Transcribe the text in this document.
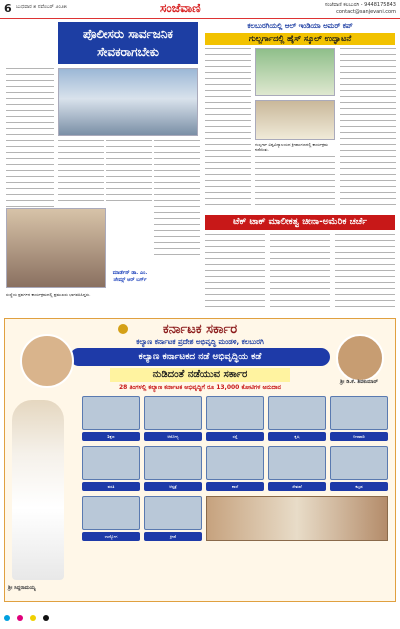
6 ಬುಧವಾರ ೫ ನವೆಂಬರ್ ೨೦೨೫	ಸಂಜೆವಾಣಿ	ಸಂಜೆವಾಣಿ ಕಲಬುರಗಿ - 9448175843
contact@sanjevani.com
ಪೊಲೀಸರು ಸಾರ್ವಜನಿಕ ಸೇವಕರಾಗಬೇಕು
ಮಾರ್ಡೆನ್ ಡಾ. ಎಂ. ಜೇಮ್ಸ್ ಆರ್ ಬರ್ಗ್
ಸಂಸ್ಥೆಯ ಪ್ರವರ್ಗದ ಕಾರ್ಯಕ್ರಮದಲ್ಲಿ ಪ್ರಮುಖರು ಭಾಗವಹಿಸಿದ್ದರು.
ಕಲಬುರಗಿಯಲ್ಲಿ ಆಲ್ ಇಂಡಿಯಾ ಅಮರ್ ಕಪ್
ಗುಲ್ಬರ್ಗಾದಲ್ಲಿ ಹೈಸ್ ಸ್ಕೂಲ್ ಉದ್ಘಾಟನೆ
ಗುಲ್ಬರ್ಗಾ ವಿಶ್ವವಿದ್ಯಾಲಯದ ಕ್ರೀಡಾಂಗಣದಲ್ಲಿ ಕಾರ್ಯಕ್ರಮ ನಡೆಯಿತು.
ಟೆಕ್ ಟಾಕ್ ಮಾಲೀಕತ್ವ ಚೀನಾ-ಅಮೆರಿಕ ಚರ್ಚೆ
ಕರ್ನಾಟಕ ಸರ್ಕಾರ
ಕಲ್ಯಾಣ ಕರ್ನಾಟಕ ಪ್ರದೇಶ ಅಭಿವೃದ್ಧಿ ಮಂಡಳಿ, ಕಲಬುರಗಿ
ಕಲ್ಯಾಣ ಕರ್ನಾಟಕದ ನಡೆ ಅಭಿವೃದ್ಧಿಯ ಕಡೆ
ನುಡಿದಂತೆ ನಡೆಯುವ ಸರ್ಕಾರ
28 ತಿಂಗಳಲ್ಲಿ ಕಲ್ಯಾಣ ಕರ್ನಾಟಕ ಅಭಿವೃದ್ಧಿಗೆ ರೂ 13,000 ಕೋಟಿಗಳ ಅನುದಾನ
ಶ್ರೀ ಸಿದ್ದರಾಮಯ್ಯ
ಶ್ರೀ ಡಿ.ಕೆ. ಶಿವಕುಮಾರ್
ಶಿಕ್ಷಣ	ಆರೋಗ್ಯ	ರಸ್ತೆ	ಕೃಷಿ	ನೀರಾವರಿ
ವಸತಿ	ಆಸ್ಪತ್ರೆ	ಶಾಲೆ	ಸೇತುವೆ	ಕಟ್ಟಡ
ಉದ್ಯೋಗ	ಕ್ರೀಡೆ
